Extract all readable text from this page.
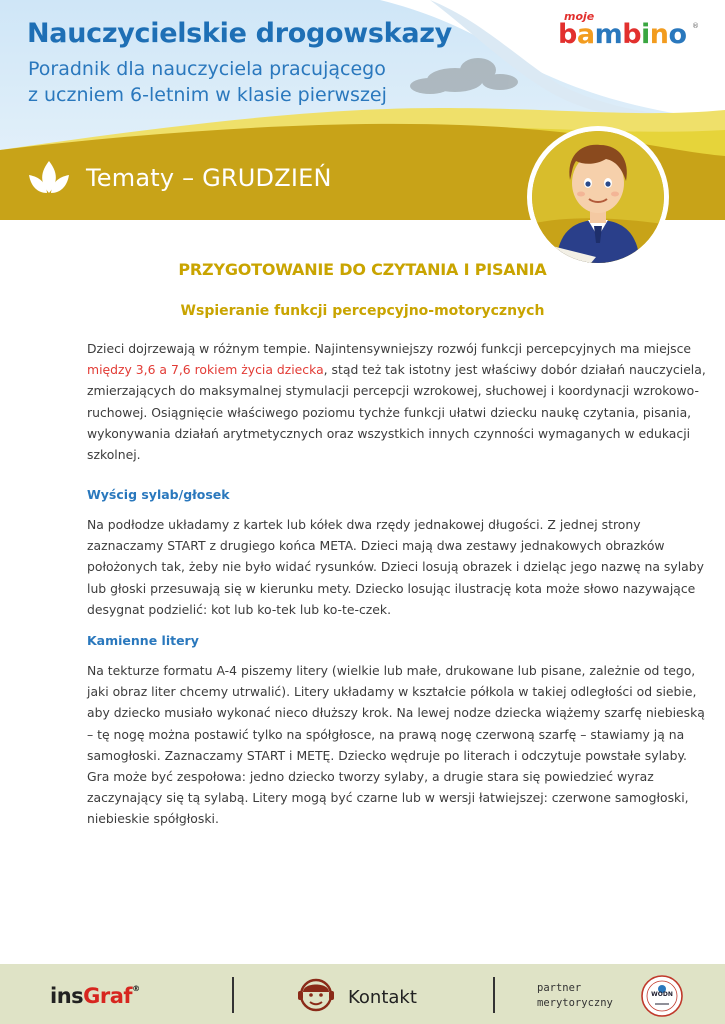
Nauczycielskie drogowskazy
Poradnik dla nauczyciela pracującego
z uczniem 6-letnim w klasie pierwszej
moje
bambino ®
Tematy – GRUDZIEŃ
PRZYGOTOWANIE DO CZYTANIA I PISANIA
Wspieranie funkcji percepcyjno-motorycznych
Dzieci dojrzewają w różnym tempie. Najintensywniejszy rozwój funkcji percepcyjnych ma miejsce
między 3,6 a 7,6 rokiem życia dziecka, stąd też tak istotny jest właściwy dobór działań nauczyciela,
zmierzających do maksymalnej stymulacji percepcji wzrokowej, słuchowej i koordynacji wzrokowo-
ruchowej. Osiągnięcie właściwego poziomu tychże funkcji ułatwi dziecku naukę czytania, pisania,
wykonywania działań arytmetycznych oraz wszystkich innych czynności wymaganych w edukacji
szkolnej.
Wyścig sylab/głosek
Na podłodze układamy z kartek lub kółek dwa rzędy jednakowej długości. Z jednej strony
zaznaczamy START z drugiego końca META. Dzieci mają dwa zestawy jednakowych obrazków
położonych tak, żeby nie było widać rysunków. Dzieci losują obrazek i dzieląc jego nazwę na sylaby
lub głoski przesuwają się w kierunku mety. Dziecko losując ilustrację kota może słowo nazywające
desygnat podzielić: kot lub ko-tek lub ko-te-czek.
Kamienne litery
Na tekturze formatu A-4 piszemy litery (wielkie lub małe, drukowane lub pisane, zależnie od tego,
jaki obraz liter chcemy utrwalić). Litery układamy w kształcie półkola w takiej odległości od siebie,
aby dziecko musiało wykonać nieco dłuższy krok. Na lewej nodze dziecka wiążemy szarfę niebieską
– tę nogę można postawić tylko na spółgłosce, na prawą nogę czerwoną szarfę – stawiamy ją na
samogłoski. Zaznaczamy START i METĘ. Dziecko wędruje po literach i odczytuje powstałe sylaby.
Gra może być zespołowa: jedno dziecko tworzy sylaby, a drugie stara się powiedzieć wyraz
zaczynający się tą sylabą. Litery mogą być czarne lub w wersji łatwiejszej: czerwone samogłoski,
niebieskie spółgłoski.
insGraf®	Kontakt	partner
merytoryczny
WODN
